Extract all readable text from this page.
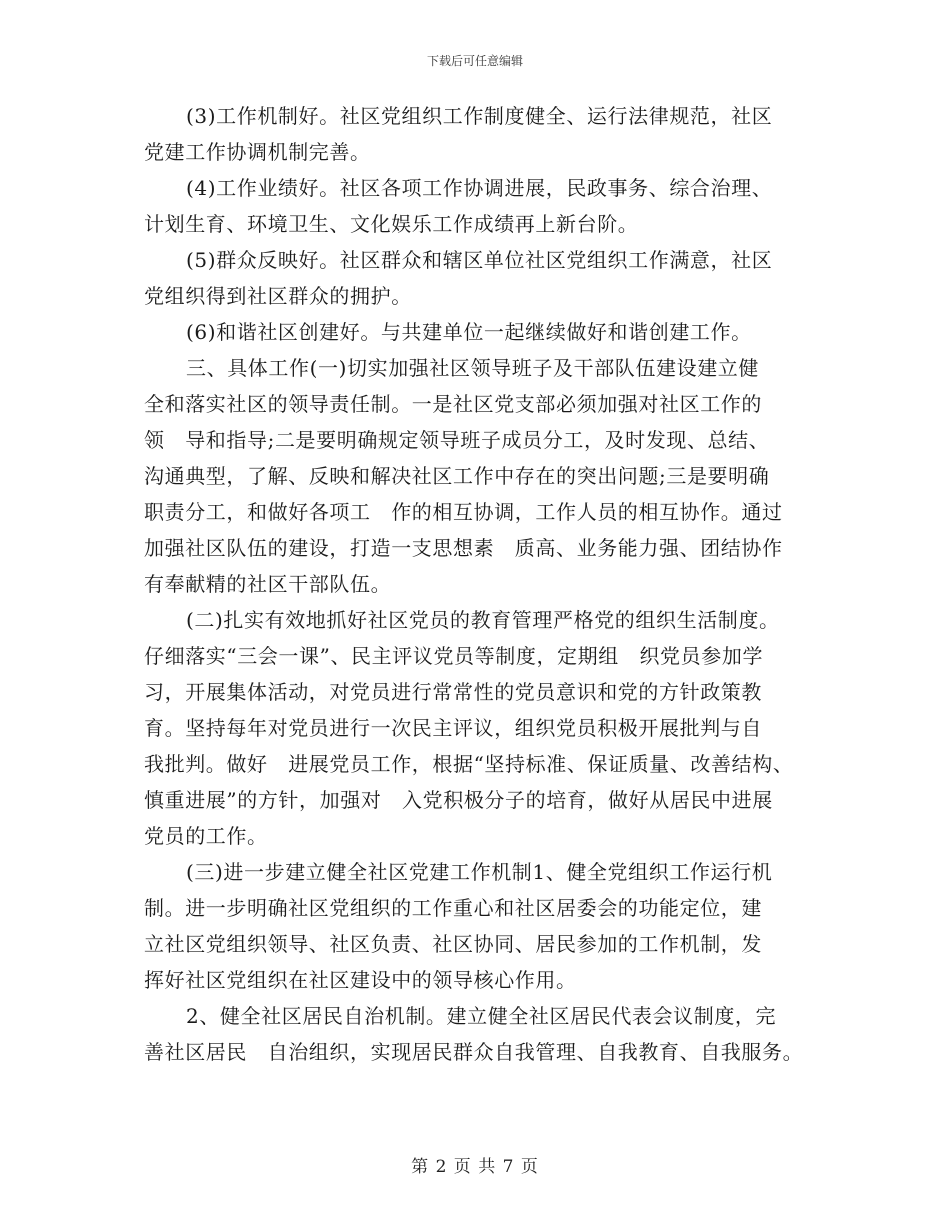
下载后可任意编辑
(3)工作机制好。社区党组织工作制度健全、运行法律规范，社区
党建工作协调机制完善。
(4)工作业绩好。社区各项工作协调进展，民政事务、综合治理、
计划生育、环境卫生、文化娱乐工作成绩再上新台阶。
(5)群众反映好。社区群众和辖区单位社区党组织工作满意，社区
党组织得到社区群众的拥护。
(6)和谐社区创建好。与共建单位一起继续做好和谐创建工作。
三、具体工作(一)切实加强社区领导班子及干部队伍建设建立健
全和落实社区的领导责任制。一是社区党支部必须加强对社区工作的
领　导和指导;二是要明确规定领导班子成员分工，及时发现、总结、
沟通典型，了解、反映和解决社区工作中存在的突出问题;三是要明确
职责分工，和做好各项工　作的相互协调，工作人员的相互协作。通过
加强社区队伍的建设，打造一支思想素　质高、业务能力强、团结协作
有奉献精的社区干部队伍。
(二)扎实有效地抓好社区党员的教育管理严格党的组织生活制度。
仔细落实“三会一课”、民主评议党员等制度，定期组　织党员参加学
习，开展集体活动，对党员进行常常性的党员意识和党的方针政策教
育。坚持每年对党员进行一次民主评议，组织党员积极开展批判与自
我批判。做好　进展党员工作，根据“坚持标准、保证质量、改善结构、
慎重进展”的方针，加强对　入党积极分子的培育，做好从居民中进展
党员的工作。
(三)进一步建立健全社区党建工作机制1、健全党组织工作运行机
制。进一步明确社区党组织的工作重心和社区居委会的功能定位，建
立社区党组织领导、社区负责、社区协同、居民参加的工作机制，发
挥好社区党组织在社区建设中的领导核心作用。
2、健全社区居民自治机制。建立健全社区居民代表会议制度，完
善社区居民　自治组织，实现居民群众自我管理、自我教育、自我服务。
第 2 页 共 7 页
